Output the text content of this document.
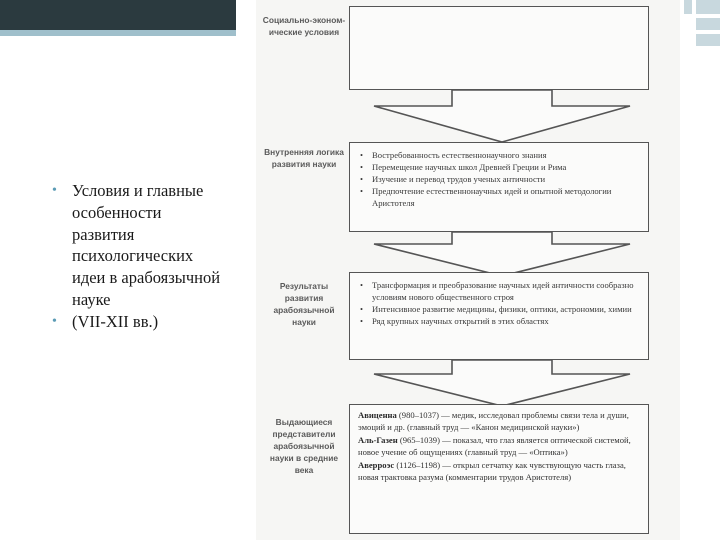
• Условия и главные особенности развития психологических идеи в арабоязычной науке
• (VII-XII вв.)
Социально-эконом-ические условия
Внутренняя логика развития науки
• Востребованность естественнонаучного знания
• Перемещение научных школ Древней Греции и Рима
• Изучение и перевод трудов ученых античности
• Предпочтение естественнонаучных идей и опытной методологии Аристотеля
Результаты развития арабоязычной науки
• Трансформация и преобразование научных идей античности сообразно условиям нового общественного строя
• Интенсивное развитие медицины, физики, оптики, астрономии, химии
• Ряд крупных научных открытий в этих областях
Выдающиеся представители арабоязычной науки в средние века

Авиценна (980–1037) — медик, исследовал проблемы связи тела и души, эмоций и др. (главный труд — «Канон медицинской науки»)

Аль-Газен (965–1039) — показал, что глаз является оптической системой, новое учение об ощущениях (главный труд — «Оптика»)

Аверроэс (1126–1198) — открыл сетчатку как чувствующую часть глаза, новая трактовка разума (комментарии трудов Аристотеля)
